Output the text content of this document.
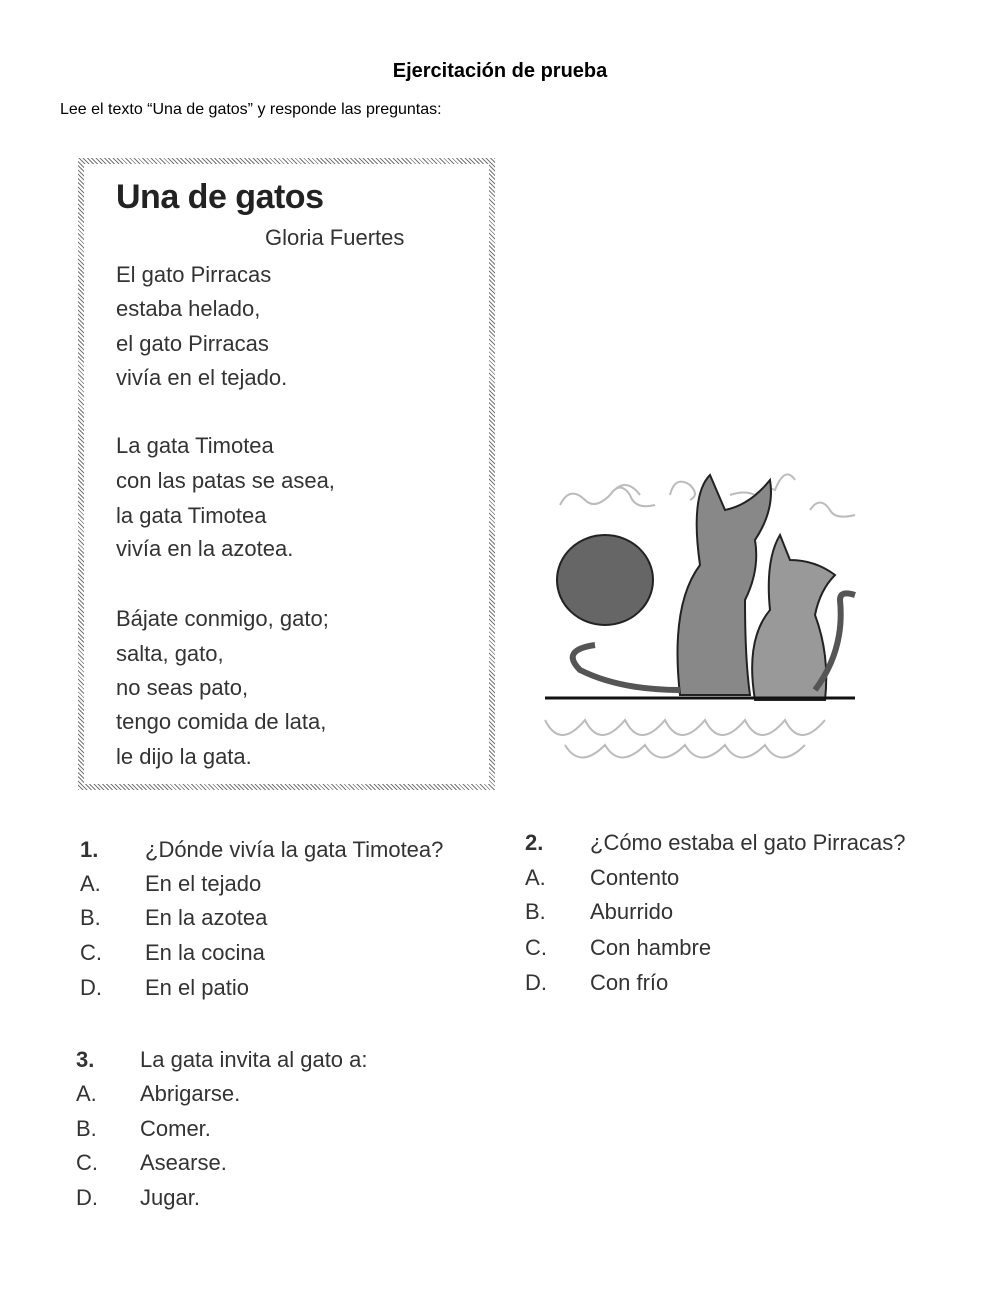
Ejercitación de prueba
Lee el texto “Una de gatos” y responde las preguntas:
Una de gatos
Gloria Fuertes
El gato Pirracas
estaba helado,
el gato Pirracas
vivía en el tejado.
La gata Timotea
con las patas se asea,
la gata Timotea
vivía en la azotea.
Bájate conmigo, gato;
salta, gato,
no seas pato,
tengo comida de lata,
le dijo la gata.
1. ¿Dónde vivía la gata Timotea?
A. En el tejado
B. En la azotea
C. En la cocina
D. En el patio
2. ¿Cómo estaba el gato Pirracas?
A. Contento
B. Aburrido
C. Con hambre
D. Con frío
3. La gata invita al gato a:
A. Abrigarse.
B. Comer.
C. Asearse.
D. Jugar.
